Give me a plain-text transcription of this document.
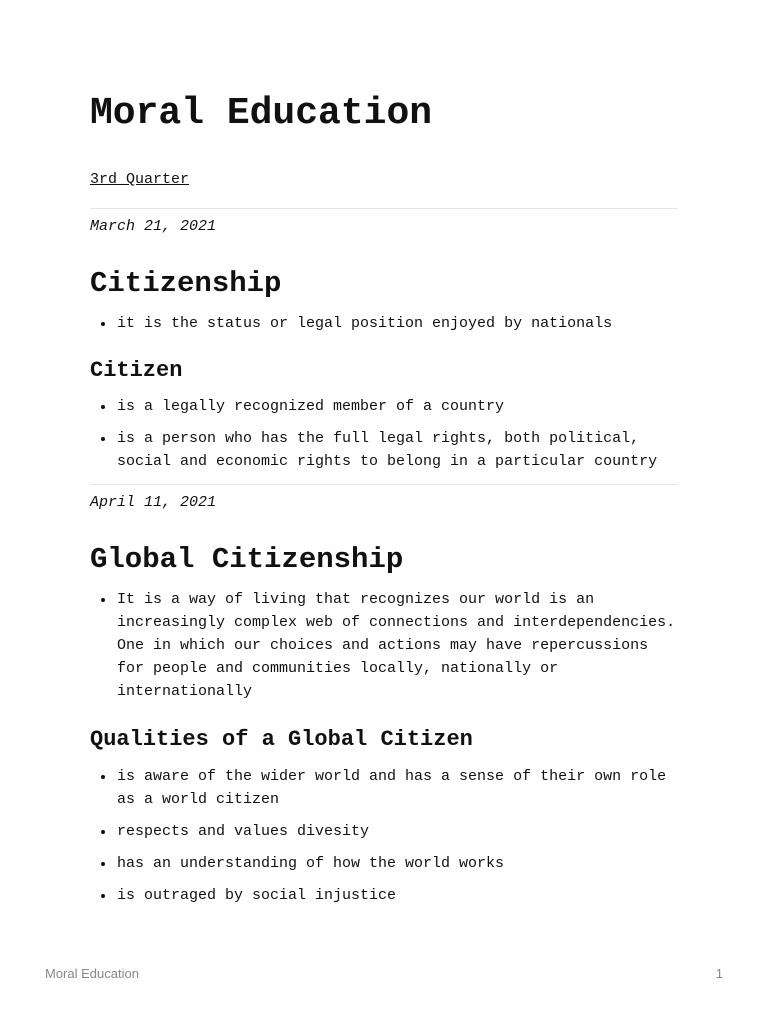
Moral Education
3rd Quarter
March 21, 2021
Citizenship
it is the status or legal position enjoyed by nationals
Citizen
is a legally recognized member of a country
is a person who has the full legal rights, both political, social and economic rights to belong in a particular country
April 11, 2021
Global Citizenship
It is a way of living that recognizes our world is an increasingly complex web of connections and interdependencies. One in which our choices and actions may have repercussions for people and communities locally, nationally or internationally
Qualities of a Global Citizen
is aware of the wider world and has a sense of their own role as a world citizen
respects and values divesity
has an understanding of how the world works
is outraged by social injustice
Moral Education	1
